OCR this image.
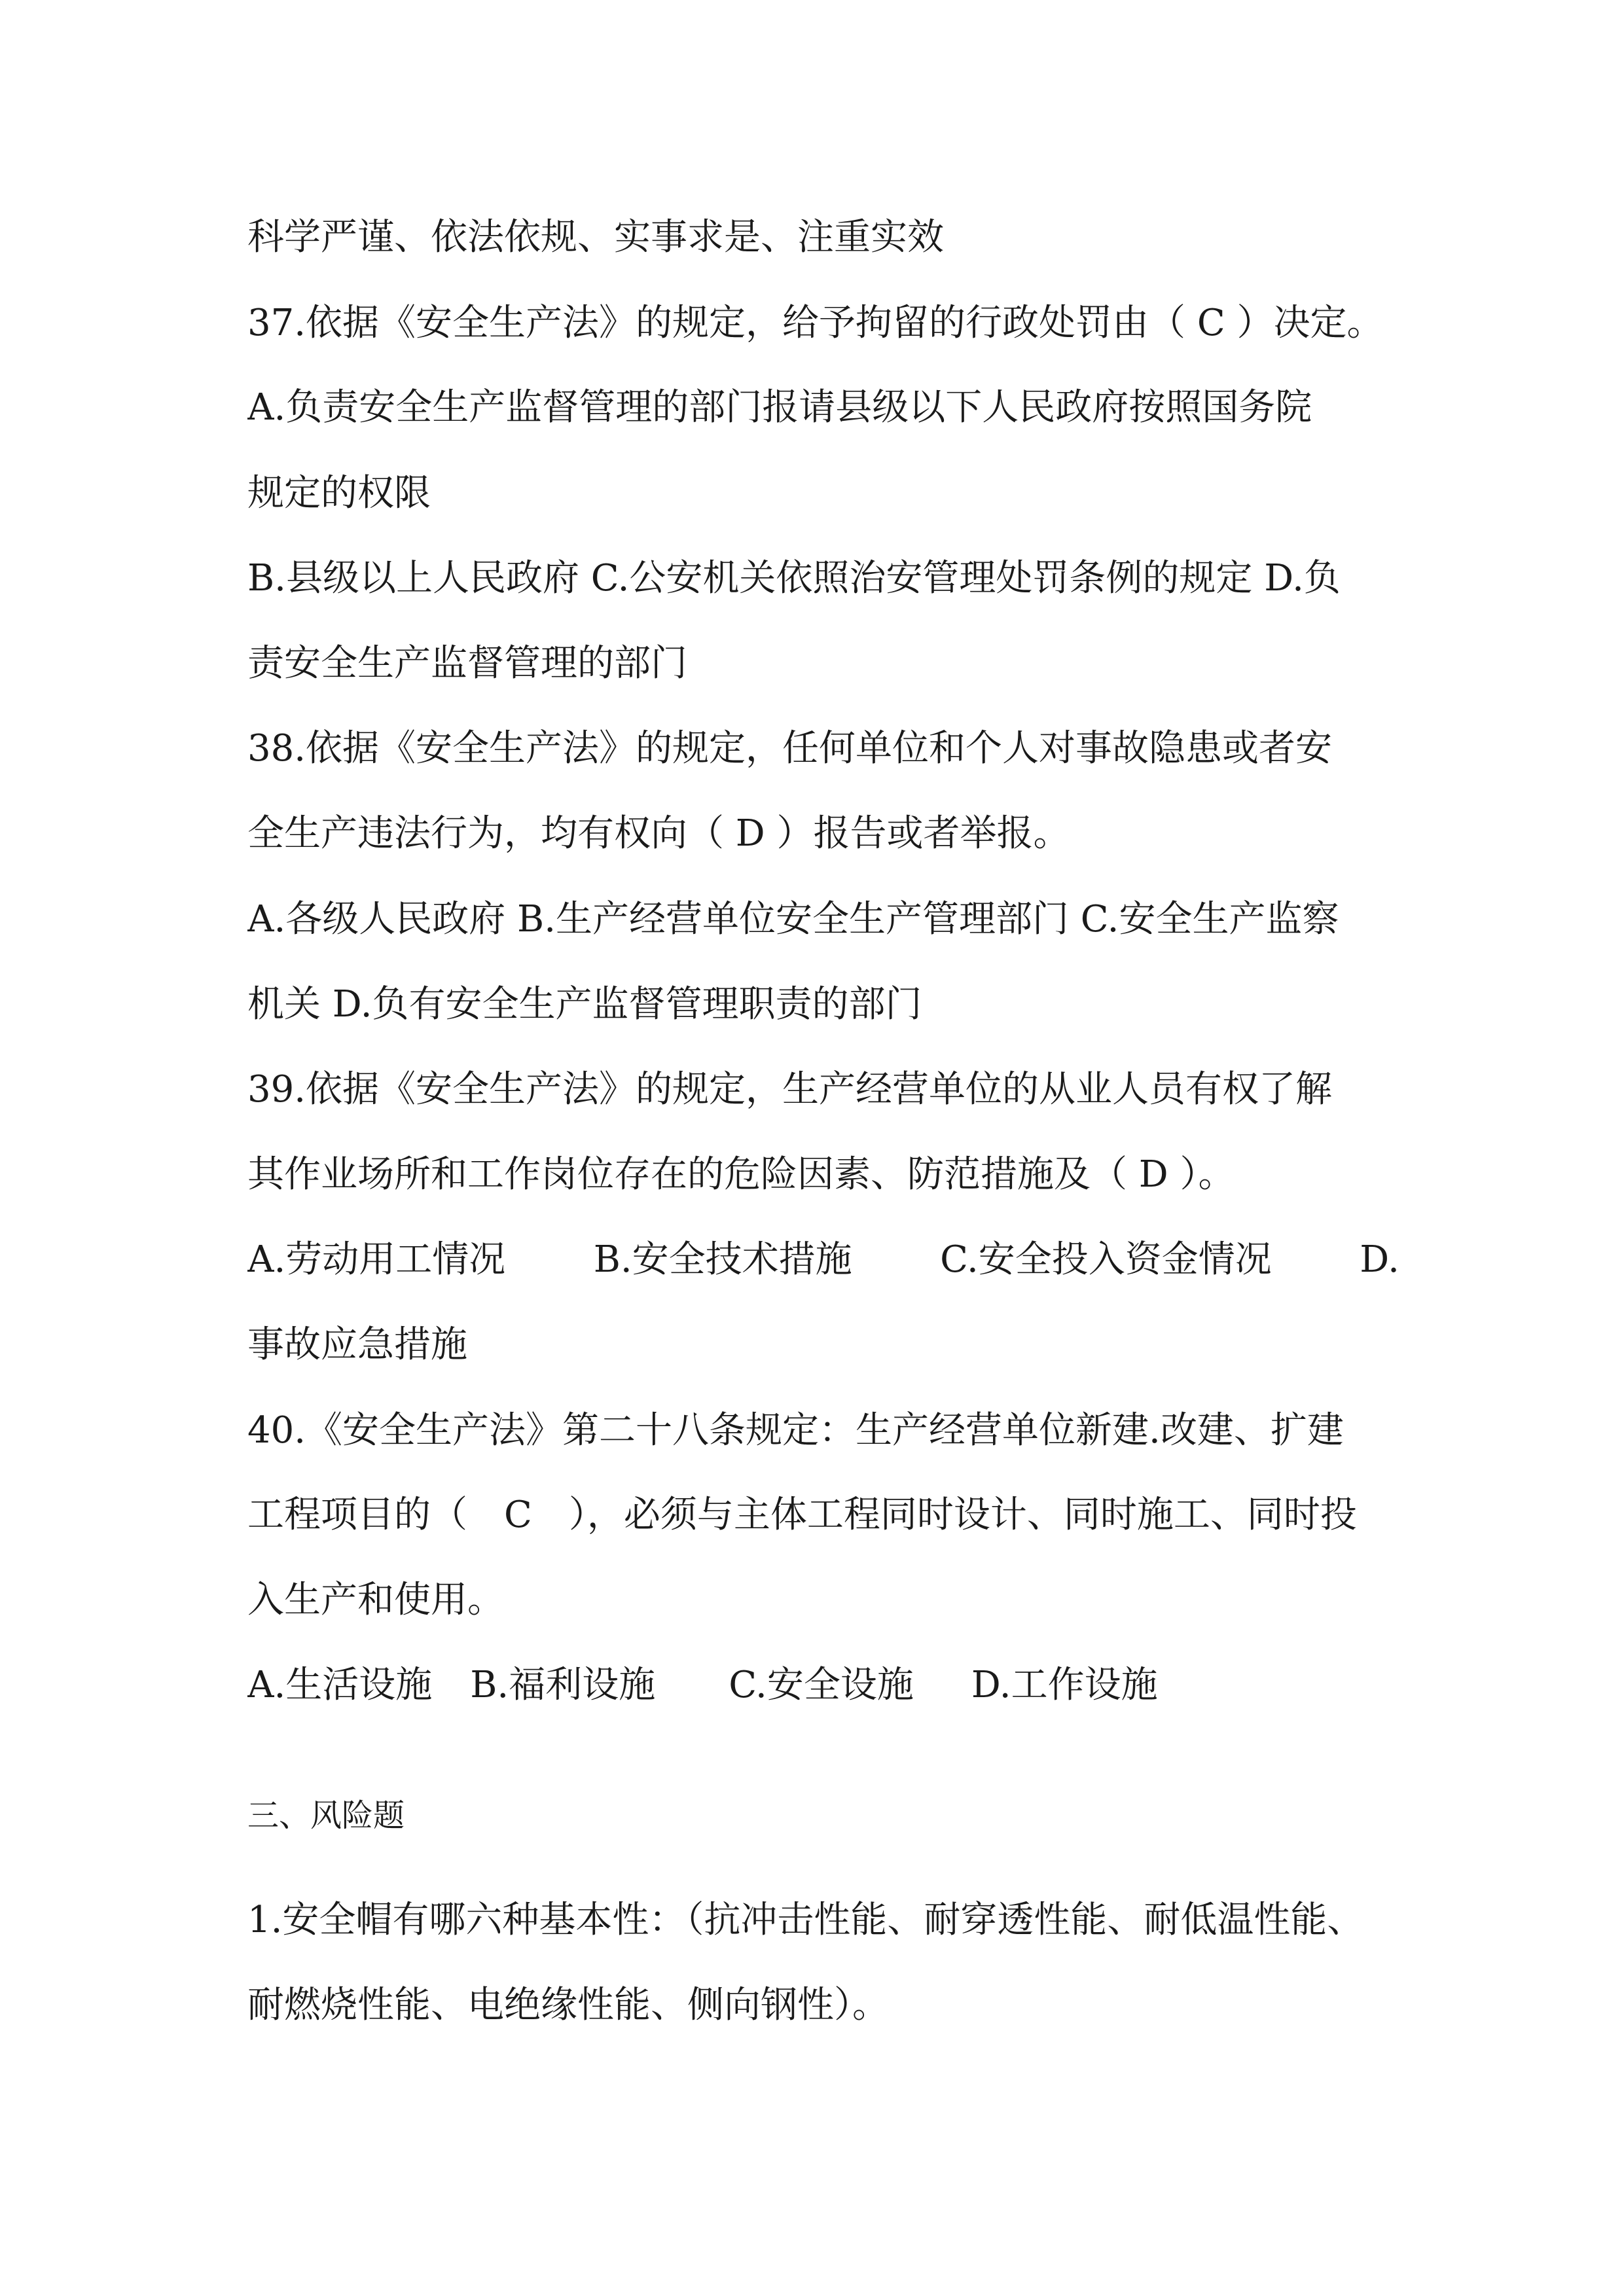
科学严谨、依法依规、实事求是、注重实效
37.依据《安全生产法》的规定，给予拘留的行政处罚由（ C ）决定。
A.负责安全生产监督管理的部门报请县级以下人民政府按照国务院
规定的权限
B.县级以上人民政府 C.公安机关依照治安管理处罚条例的规定 D.负
责安全生产监督管理的部门
38.依据《安全生产法》的规定，任何单位和个人对事故隐患或者安
全生产违法行为，均有权向（ D ）报告或者举报。
A.各级人民政府 B.生产经营单位安全生产管理部门 C.安全生产监察
机关 D.负有安全生产监督管理职责的部门
39.依据《安全生产法》的规定，生产经营单位的从业人员有权了解
其作业场所和工作岗位存在的危险因素、防范措施及（ D ）。
A.劳动用工情况 B.安全技术措施 C.安全投入资金情况 D.
事故应急措施
40.《安全生产法》第二十八条规定：生产经营单位新建.改建、扩建
工程项目的（　C　），必须与主体工程同时设计、同时施工、同时投
入生产和使用。
A.生活设施 B.福利设施 C.安全设施 D.工作设施
三、风险题
1.安全帽有哪六种基本性：（抗冲击性能、耐穿透性能、耐低温性能、
耐燃烧性能、电绝缘性能、侧向钢性）。
